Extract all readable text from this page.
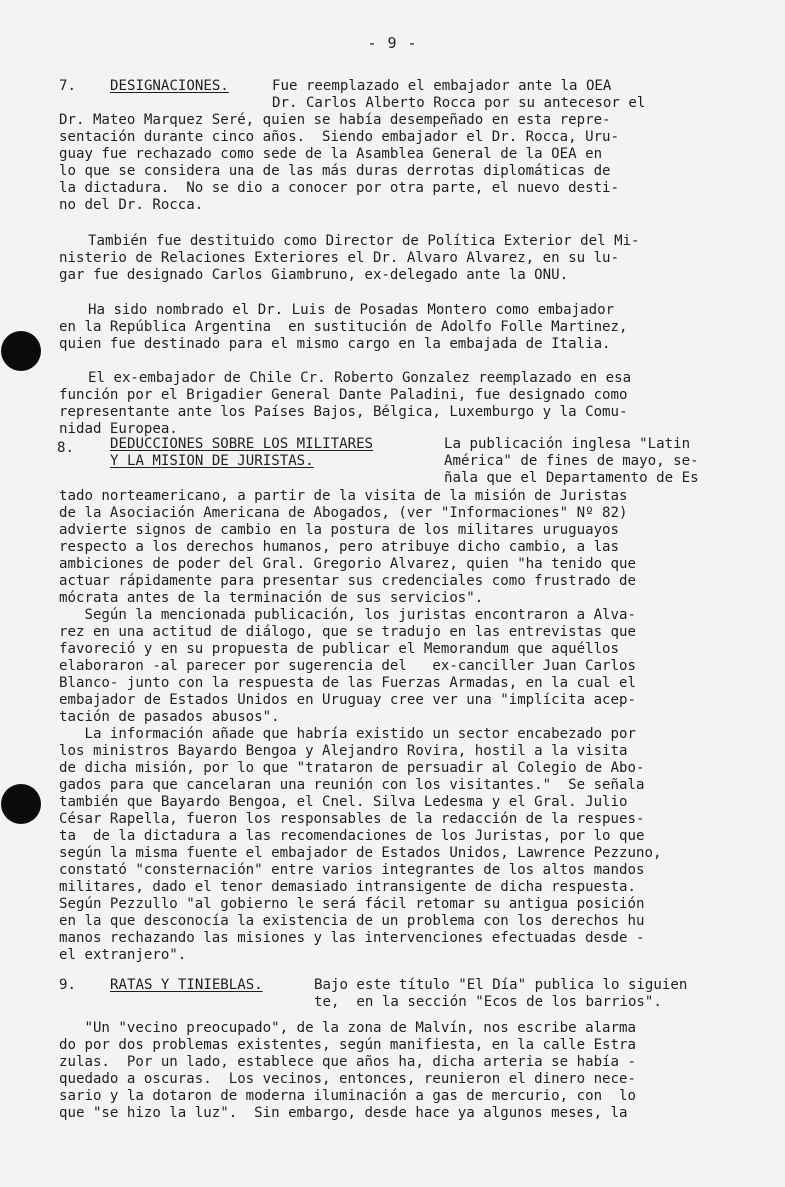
- 9 -
7. DESIGNACIONES.	Fue reemplazado el embajador ante la OEA
Dr. Carlos Alberto Rocca por su antecesor el
Dr. Mateo Marquez Seré, quien se había desempeñado en esta repre-
sentación durante cinco años.  Siendo embajador el Dr. Rocca, Uru-
guay fue rechazado como sede de la Asamblea General de la OEA en
lo que se considera una de las más duras derrotas diplomáticas de
la dictadura.  No se dio a conocer por otra parte, el nuevo desti-
no del Dr. Rocca.
También fue destituido como Director de Política Exterior del Mi-
nisterio de Relaciones Exteriores el Dr. Alvaro Alvarez, en su lu-
gar fue designado Carlos Giambruno, ex-delegado ante la ONU.
Ha sido nombrado el Dr. Luis de Posadas Montero como embajador
en la República Argentina  en sustitución de Adolfo Folle Martinez,
quien fue destinado para el mismo cargo en la embajada de Italia.
El ex-embajador de Chile Cr. Roberto Gonzalez reemplazado en esa
función por el Brigadier General Dante Paladini, fue designado como
representante ante los Países Bajos, Bélgica, Luxemburgo y la Comu-
nidad Europea.
8.	DEDUCCIONES SOBRE LOS MILITARES
Y LA MISION DE JURISTAS.
La publicación inglesa "Latin
América" de fines de mayo, se-
ñala que el Departamento de Es
tado norteamericano, a partir de la visita de la misión de Juristas
de la Asociación Americana de Abogados, (ver "Informaciones" Nº 82)
advierte signos de cambio en la postura de los militares uruguayos
respecto a los derechos humanos, pero atribuye dicho cambio, a las
ambiciones de poder del Gral. Gregorio Alvarez, quien "ha tenido que
actuar rápidamente para presentar sus credenciales como frustrado de
mócrata antes de la terminación de sus servicios".
Según la mencionada publicación, los juristas encontraron a Alva-
rez en una actitud de diálogo, que se tradujo en las entrevistas que
favoreció y en su propuesta de publicar el Memorandum que aquéllos
elaboraron -al parecer por sugerencia del   ex-canciller Juan Carlos
Blanco- junto con la respuesta de las Fuerzas Armadas, en la cual el
embajador de Estados Unidos en Uruguay cree ver una "implícita acep-
tación de pasados abusos".
La información añade que habría existido un sector encabezado por
los ministros Bayardo Bengoa y Alejandro Rovira, hostil a la visita
de dicha misión, por lo que "trataron de persuadir al Colegio de Abo-
gados para que cancelaran una reunión con los visitantes."  Se señala
también que Bayardo Bengoa, el Cnel. Silva Ledesma y el Gral. Julio
César Rapella, fueron los responsables de la redacción de la respues-
ta  de la dictadura a las recomendaciones de los Juristas, por lo que
según la misma fuente el embajador de Estados Unidos, Lawrence Pezzuno,
constató "consternación" entre varios integrantes de los altos mandos
militares, dado el tenor demasiado intransigente de dicha respuesta.
Según Pezzullo "al gobierno le será fácil retomar su antigua posición
en la que desconocía la existencia de un problema con los derechos hu
manos rechazando las misiones y las intervenciones efectuadas desde -
el extranjero".
9. RATAS Y TINIEBLAS.	Bajo este título "El Día" publica lo siguien
te,  en la sección "Ecos de los barrios".
"Un "vecino preocupado", de la zona de Malvín, nos escribe alarma
do por dos problemas existentes, según manifiesta, en la calle Estra
zulas.  Por un lado, establece que años ha, dicha arteria se había -
quedado a oscuras.  Los vecinos, entonces, reunieron el dinero nece-
sario y la dotaron de moderna iluminación a gas de mercurio, con  lo
que "se hizo la luz".  Sin embargo, desde hace ya algunos meses, la
